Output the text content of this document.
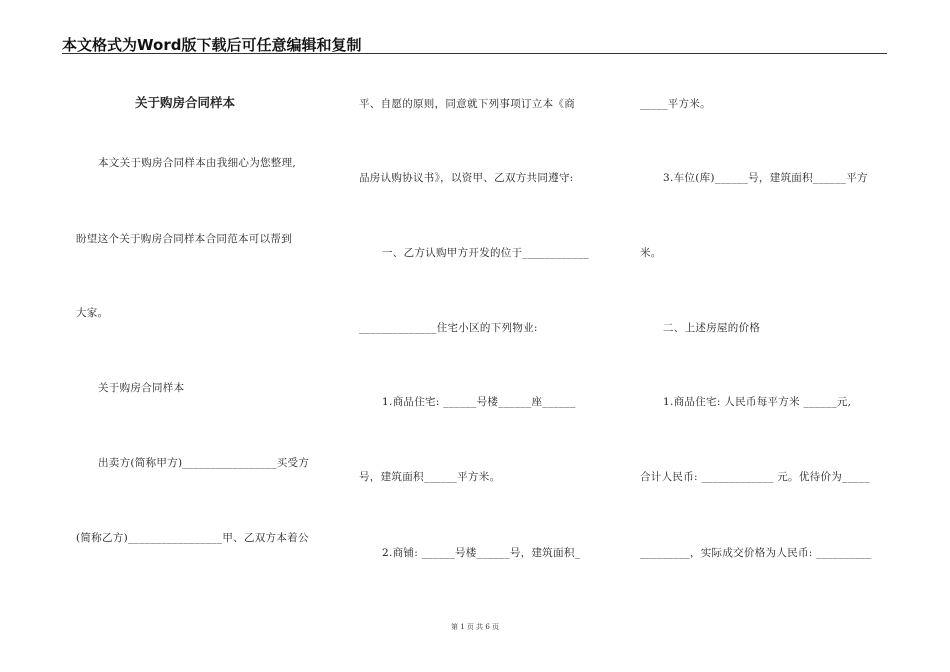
本文格式为Word版下载后可任意编辑和复制
关于购房合同样本
本文关于购房合同样本由我细心为您整理,
盼望这个关于购房合同样本合同范本可以帮到
大家。
关于购房合同样本
出卖方(简称甲方)_________________买受方
(简称乙方)_________________甲、乙双方本着公
平、自愿的原则，同意就下列事项订立本《商
品房认购协议书》，以资甲、乙双方共同遵守:
一、乙方认购甲方开发的位于____________
______________住宅小区的下列物业:
1.商品住宅: ______号楼______座______
号，建筑面积______平方米。
2.商铺: ______号楼______号，建筑面积_
_____平方米。
3.车位(库)______号，建筑面积______平方
米。
二、上述房屋的价格
1.商品住宅: 人民币每平方米 ______元,
合计人民币: _____________ 元。优待价为_____
_________，实际成交价格为人民币: __________
第 1 页 共 6 页
